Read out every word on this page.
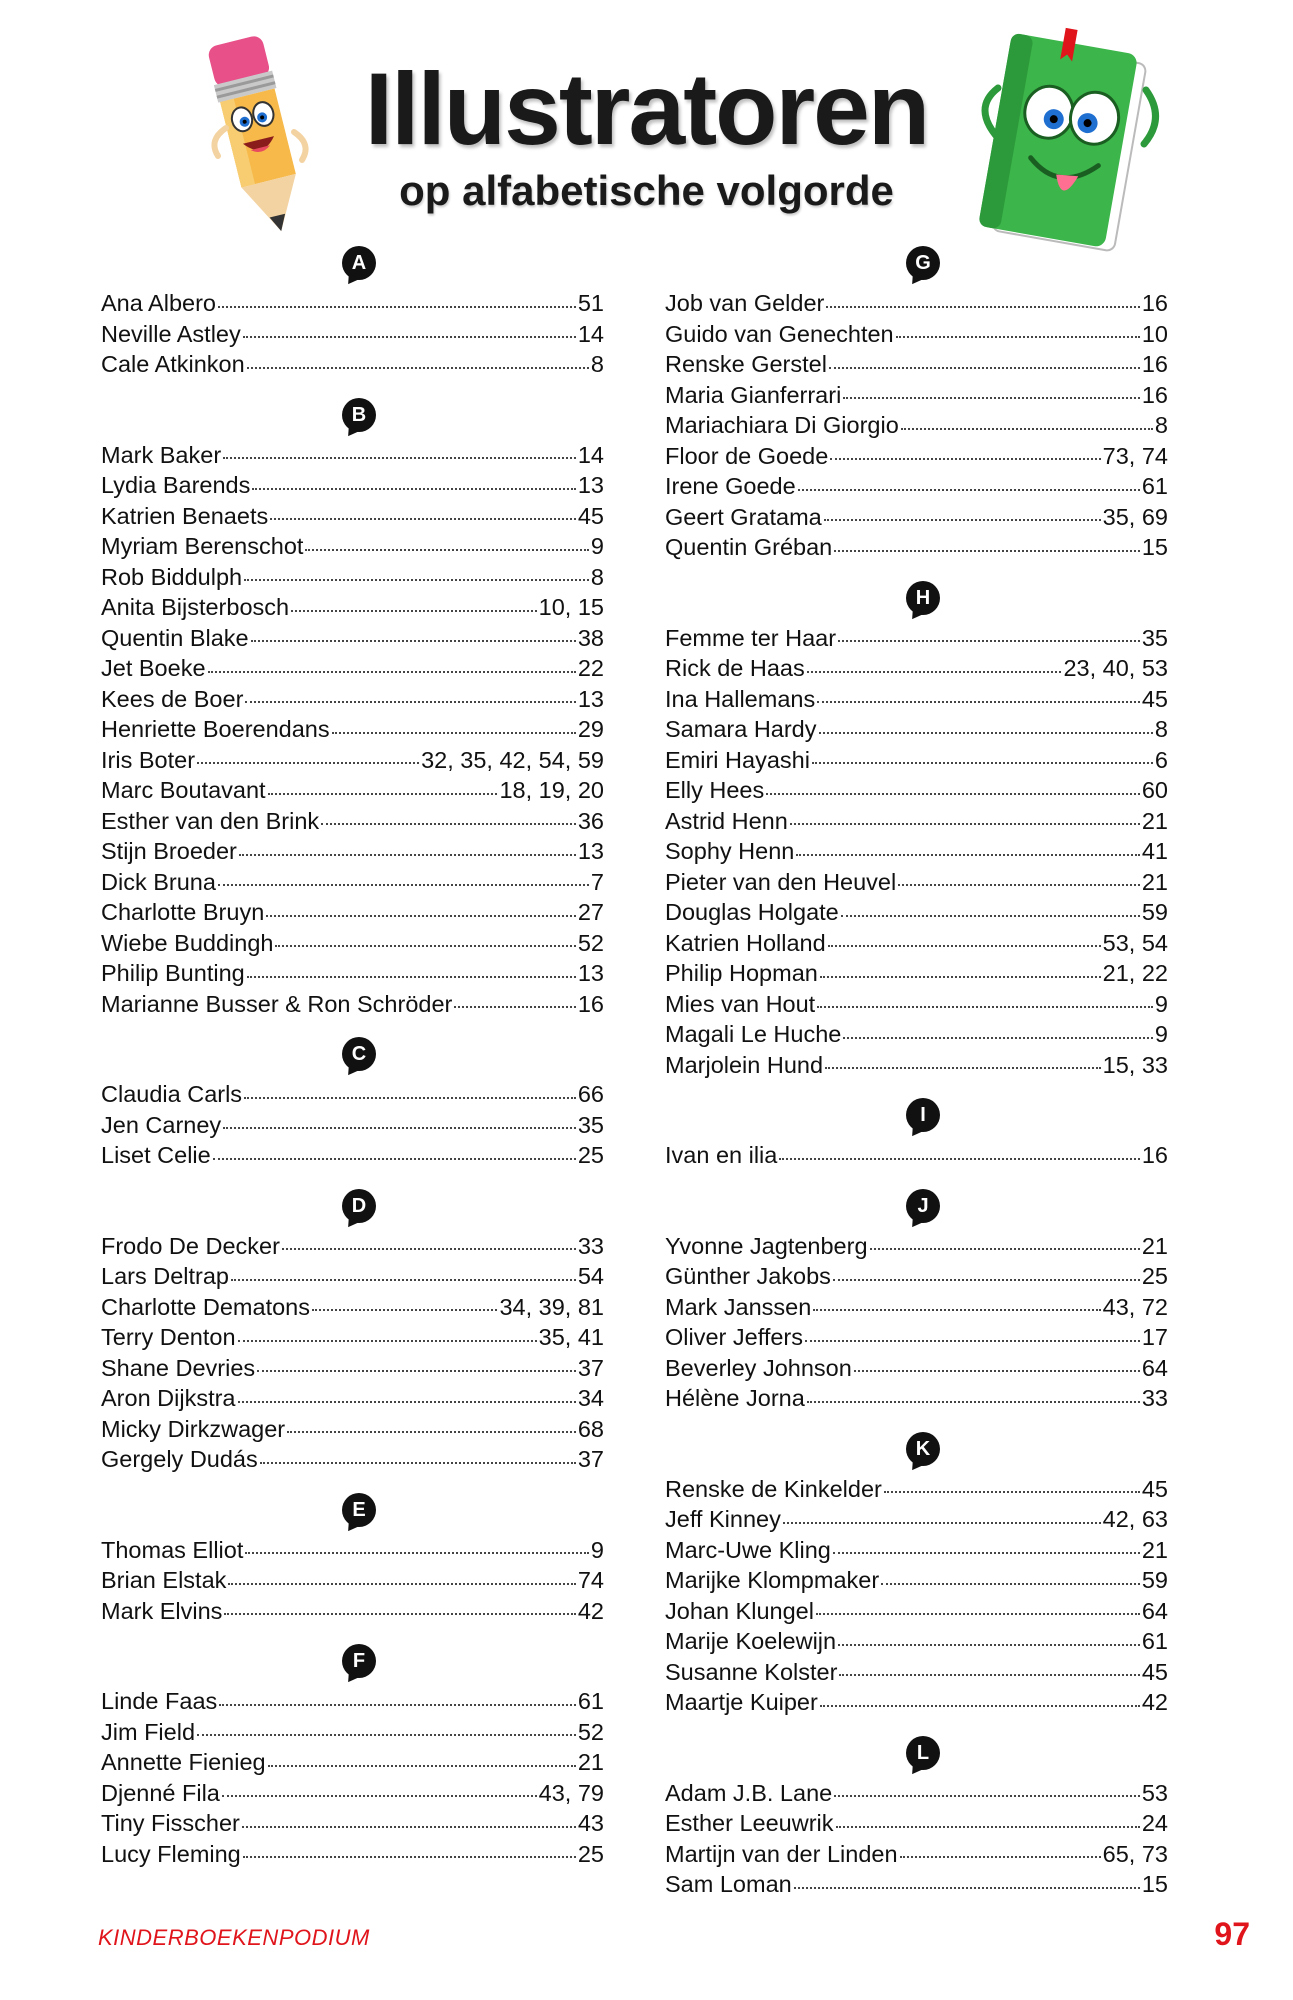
Illustratoren
op alfabetische volgorde
A
Ana Albero	51
Neville Astley	14
Cale Atkinkon	8
B
Mark Baker	14
Lydia Barends	13
Katrien Benaets	45
Myriam Berenschot	9
Rob Biddulph	8
Anita Bijsterbosch	10, 15
Quentin Blake	38
Jet Boeke	22
Kees de Boer	13
Henriette Boerendans	29
Iris Boter	32, 35, 42, 54, 59
Marc Boutavant	18, 19, 20
Esther van den Brink	36
Stijn Broeder	13
Dick Bruna	7
Charlotte Bruyn	27
Wiebe Buddingh	52
Philip Bunting	13
Marianne Busser & Ron Schröder	16
C
Claudia Carls	66
Jen Carney	35
Liset Celie	25
D
Frodo De Decker	33
Lars Deltrap	54
Charlotte Dematons	34, 39, 81
Terry Denton	35, 41
Shane Devries	37
Aron Dijkstra	34
Micky Dirkzwager	68
Gergely Dudás	37
E
Thomas Elliot	9
Brian Elstak	74
Mark Elvins	42
F
Linde Faas	61
Jim Field	52
Annette Fienieg	21
Djenné Fila	43, 79
Tiny Fisscher	43
Lucy Fleming	25
G
Job van Gelder	16
Guido van Genechten	10
Renske Gerstel	16
Maria Gianferrari	16
Mariachiara Di Giorgio	8
Floor de Goede	73, 74
Irene Goede	61
Geert Gratama	35, 69
Quentin Gréban	15
H
Femme ter Haar	35
Rick de Haas	23, 40, 53
Ina Hallemans	45
Samara Hardy	8
Emiri Hayashi	6
Elly Hees	60
Astrid Henn	21
Sophy Henn	41
Pieter van den Heuvel	21
Douglas Holgate	59
Katrien Holland	53, 54
Philip Hopman	21, 22
Mies van Hout	9
Magali Le Huche	9
Marjolein Hund	15, 33
I
Ivan en ilia	16
J
Yvonne Jagtenberg	21
Günther Jakobs	25
Mark Janssen	43, 72
Oliver Jeffers	17
Beverley Johnson	64
Hélène Jorna	33
K
Renske de Kinkelder	45
Jeff Kinney	42, 63
Marc-Uwe Kling	21
Marijke Klompmaker	59
Johan Klungel	64
Marije Koelewijn	61
Susanne Kolster	45
Maartje Kuiper	42
L
Adam J.B. Lane	53
Esther Leeuwrik	24
Martijn van der Linden	65, 73
Sam Loman	15
KINDERBOEKENPODIUM	97
